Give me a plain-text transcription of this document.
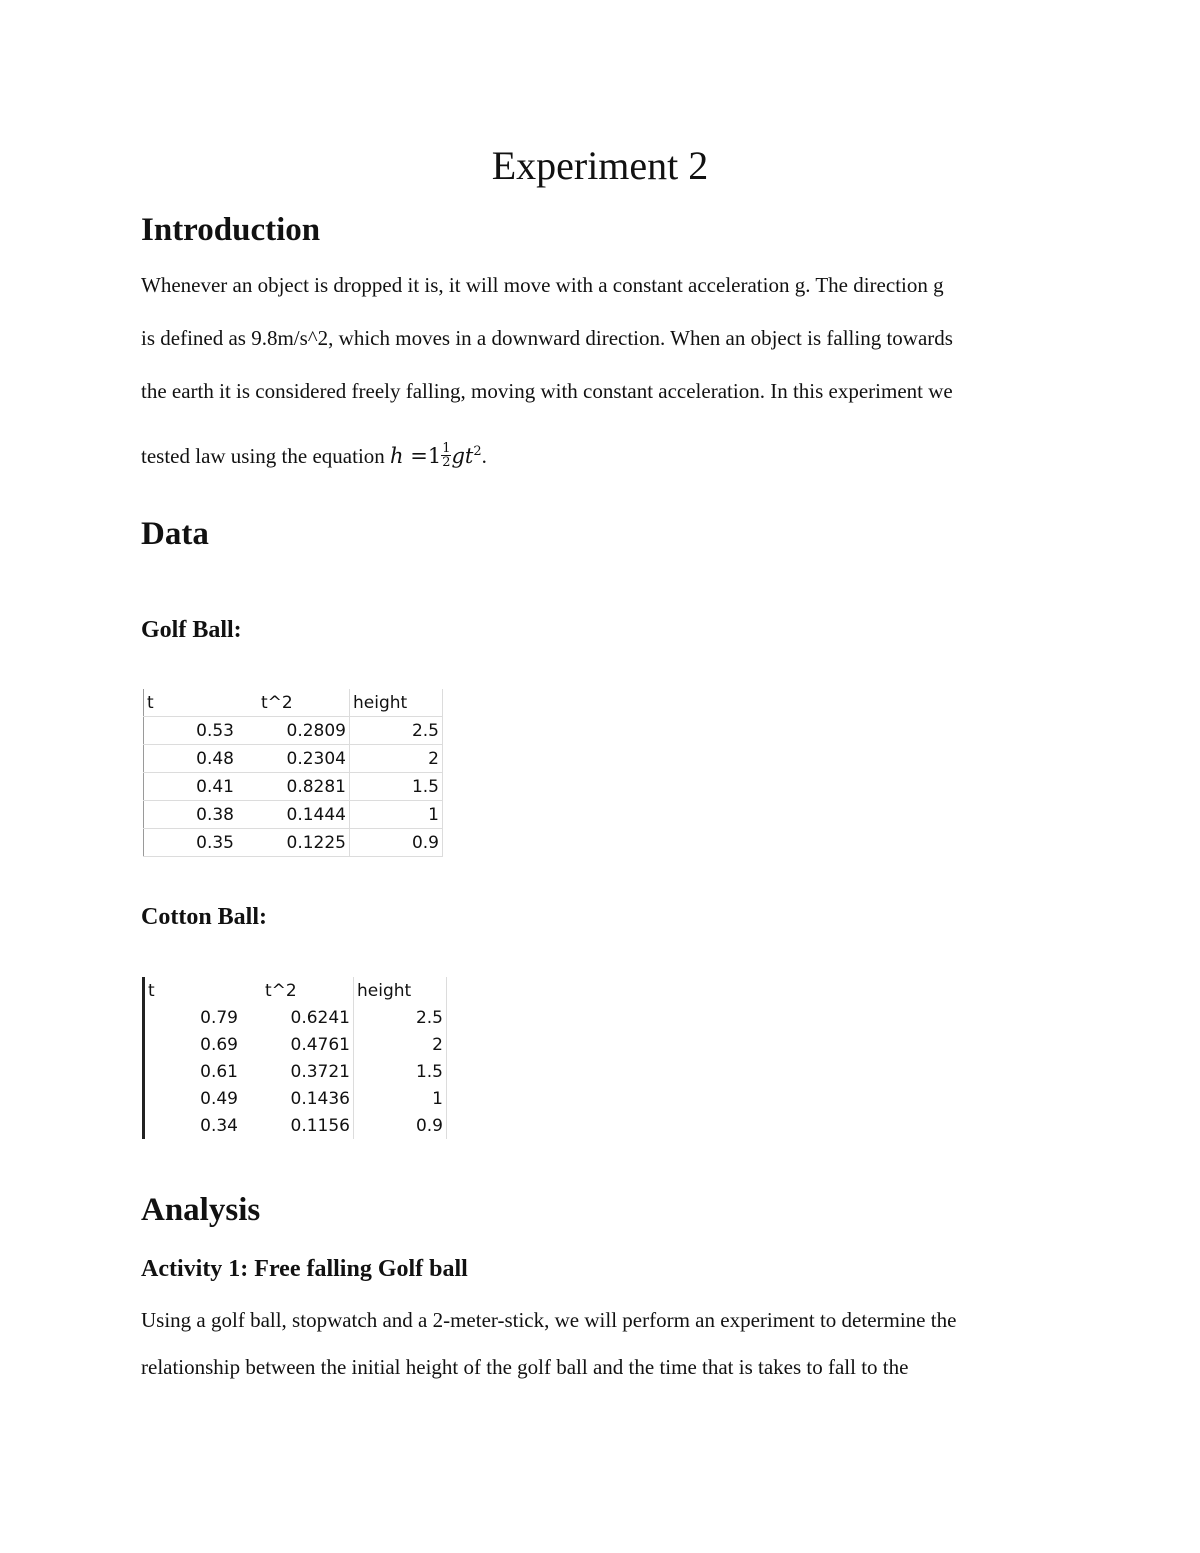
Experiment 2
Introduction
Whenever an object is dropped it is, it will move with a constant acceleration g. The direction g
is defined as 9.8m/s^2, which moves in a downward direction. When an object is falling towards
the earth it is considered freely falling, moving with constant acceleration. In this experiment we
tested law using the equation $h =1 \frac{1}{2} gt^2$.
Data
Golf Ball:
t	t^2	height
0.53	0.2809	2.5
0.48	0.2304	2
0.41	0.8281	1.5
0.38	0.1444	1
0.35	0.1225	0.9
Cotton Ball:
t	t^2	height
0.79	0.6241	2.5
0.69	0.4761	2
0.61	0.3721	1.5
0.49	0.1436	1
0.34	0.1156	0.9
Analysis
Activity 1: Free falling Golf ball
Using a golf ball, stopwatch and a 2-meter-stick, we will perform an experiment to determine the
relationship between the initial height of the golf ball and the time that is takes to fall to the
